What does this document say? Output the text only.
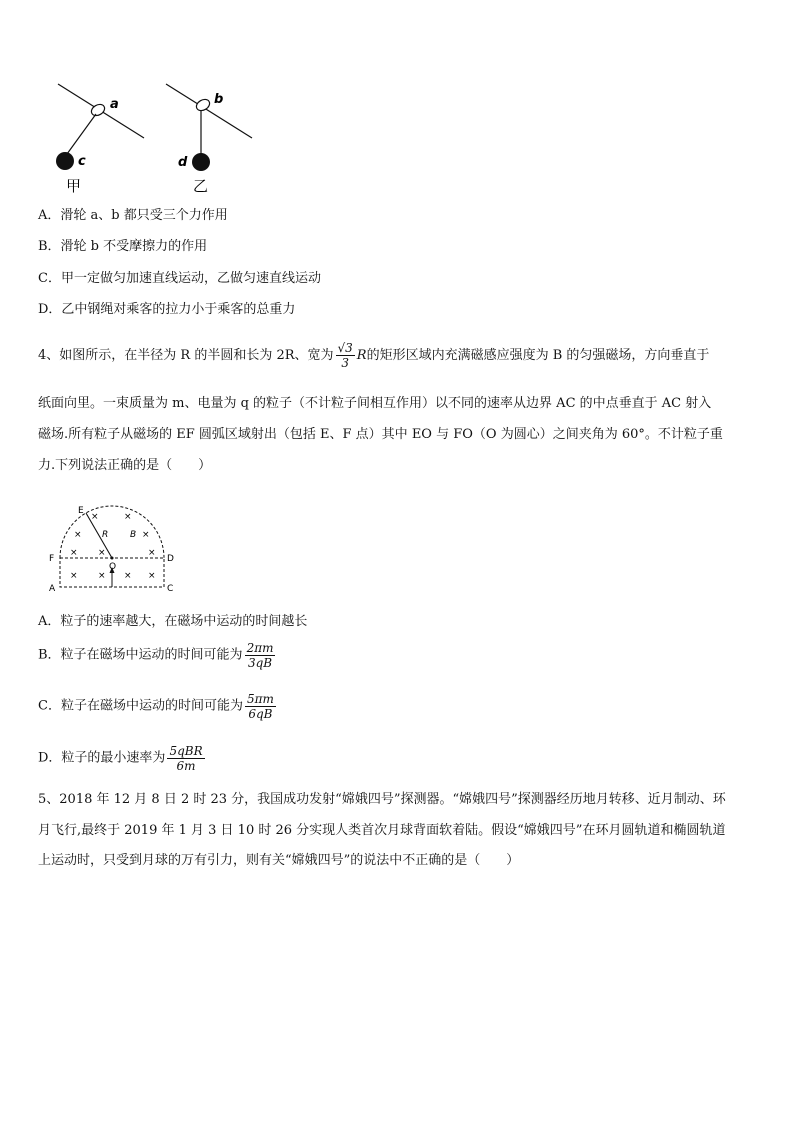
a
c
甲
b
d
乙
A．滑轮 a、b 都只受三个力作用
B．滑轮 b 不受摩擦力的作用
C．甲一定做匀加速直线运动，乙做匀速直线运动
D．乙中钢绳对乘客的拉力小于乘客的总重力
4、如图所示，在半径为 R 的半圆和长为 2R、宽为 $\frac{√3}{3}$ R的矩形区域内充满磁感应强度为 B 的匀强磁场，方向垂直于
纸面向里。一束质量为 m、电量为 q 的粒子（不计粒子间相互作用）以不同的速率从边界 AC 的中点垂直于 AC 射入
磁场.所有粒子从磁场的 EF 圆弧区域射出（包括 E、F 点）其中 EO 与 FO（O 为圆心）之间夹角为 60°。不计粒子重
力.下列说法正确的是（　　）
×	×
×	×
× ×	×
× × × ×
E
F	D
A	C
O
R B
A．粒子的速率越大，在磁场中运动的时间越长
B．粒子在磁场中运动的时间可能为 $\frac{2\pi m}{3qB}$
C．粒子在磁场中运动的时间可能为 $\frac{5\pi m}{6qB}$
D．粒子的最小速率为 $\frac{\text{5qBR}}{6m}$
5、2018 年 12 月 8 日 2 时 23 分，我国成功发射“嫦娥四号”探测器。“嫦娥四号”探测器经历地月转移、近月制动、环
月飞行,最终于 2019 年 1 月 3 日 10 时 26 分实现人类首次月球背面软着陆。假设“嫦娥四号”在环月圆轨道和椭圆轨道
上运动时，只受到月球的万有引力，则有关“嫦娥四号”的说法中不正确的是（　　）
